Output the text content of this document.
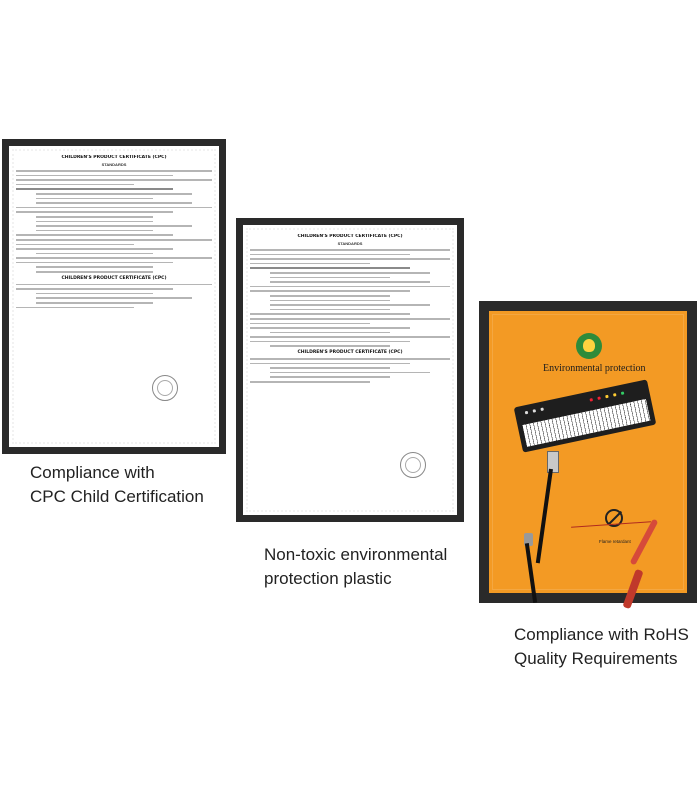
CHILDREN'S PRODUCT CERTIFICATE (CPC)
STANDARDS
CHILDREN'S PRODUCT CERTIFICATE (CPC)
Compliance with
CPC Child Certification
CHILDREN'S PRODUCT CERTIFICATE (CPC)
STANDARDS
CHILDREN'S PRODUCT CERTIFICATE (CPC)
Non-toxic environmental
protection plastic
Environmental protection
Flame retardant
Compliance with RoHS
Quality Requirements
